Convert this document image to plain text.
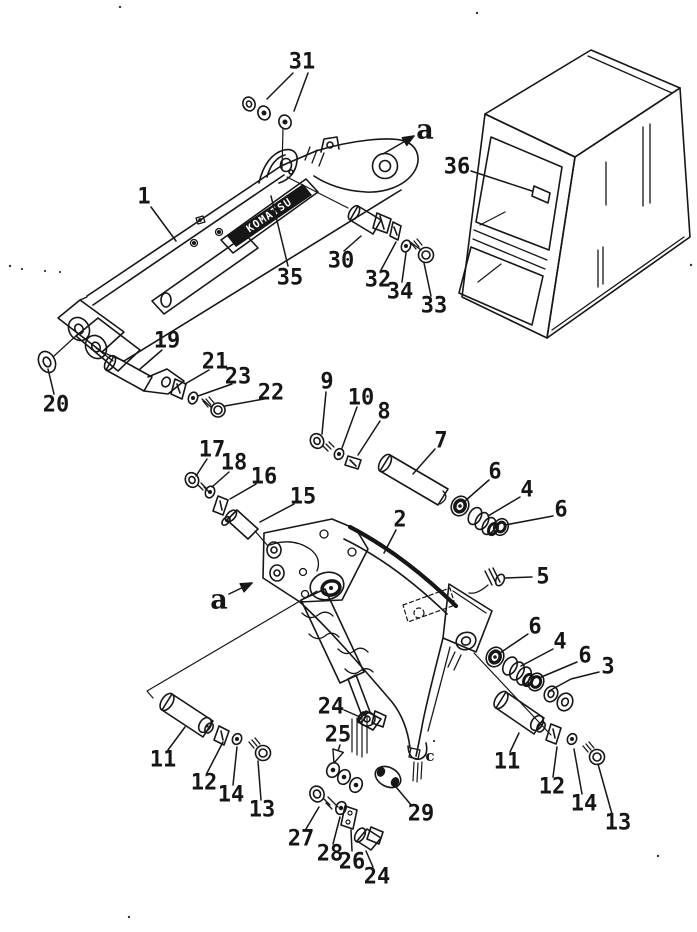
KOMATSU
1
31
a
36
35
30
32
34
33
19
20
21
23
22 9
10
8
7
17
18
16
15
2
6
4
6
5
6
4
6 3
24
25
11
12 14
13
27
28
26
24
29
11
12
14
13
a
c
